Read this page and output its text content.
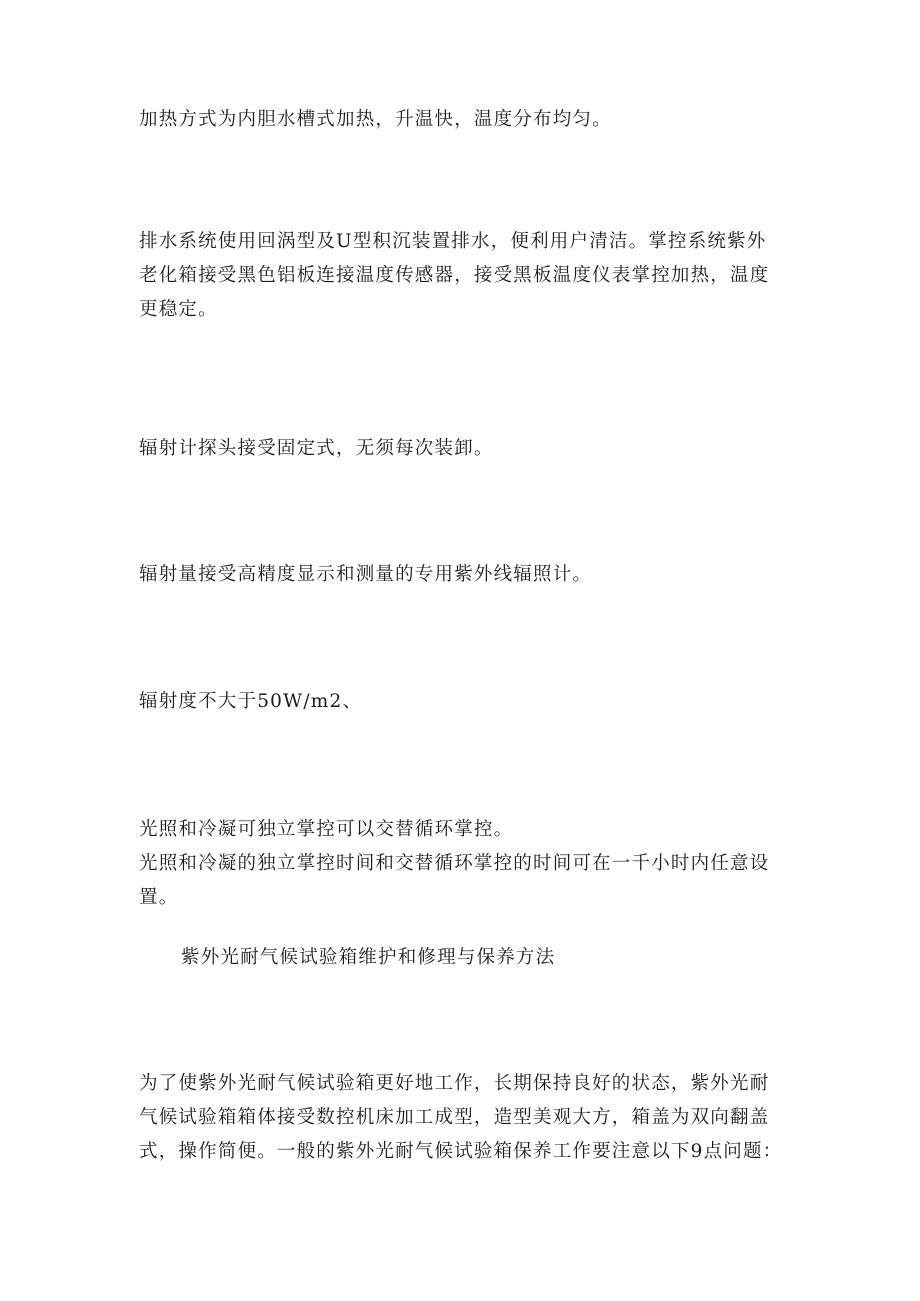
加热方式为内胆水槽式加热，升温快，温度分布均匀。

排水系统使用回涡型及U型积沉装置排水，便利用户清洁。掌控系统紫外
老化箱接受黑色铝板连接温度传感器，接受黑板温度仪表掌控加热，温度
更稳定。

辐射计探头接受固定式，无须每次装卸。

辐射量接受高精度显示和测量的专用紫外线辐照计。

辐射度不大于50W/m2、

光照和冷凝可独立掌控可以交替循环掌控。
光照和冷凝的独立掌控时间和交替循环掌控的时间可在一千小时内任意设
置。

紫外光耐气候试验箱维护和修理与保养方法

为了使紫外光耐气候试验箱更好地工作，长期保持良好的状态，紫外光耐
气候试验箱箱体接受数控机床加工成型，造型美观大方，箱盖为双向翻盖
式，操作简便。一般的紫外光耐气候试验箱保养工作要注意以下9点问题：
